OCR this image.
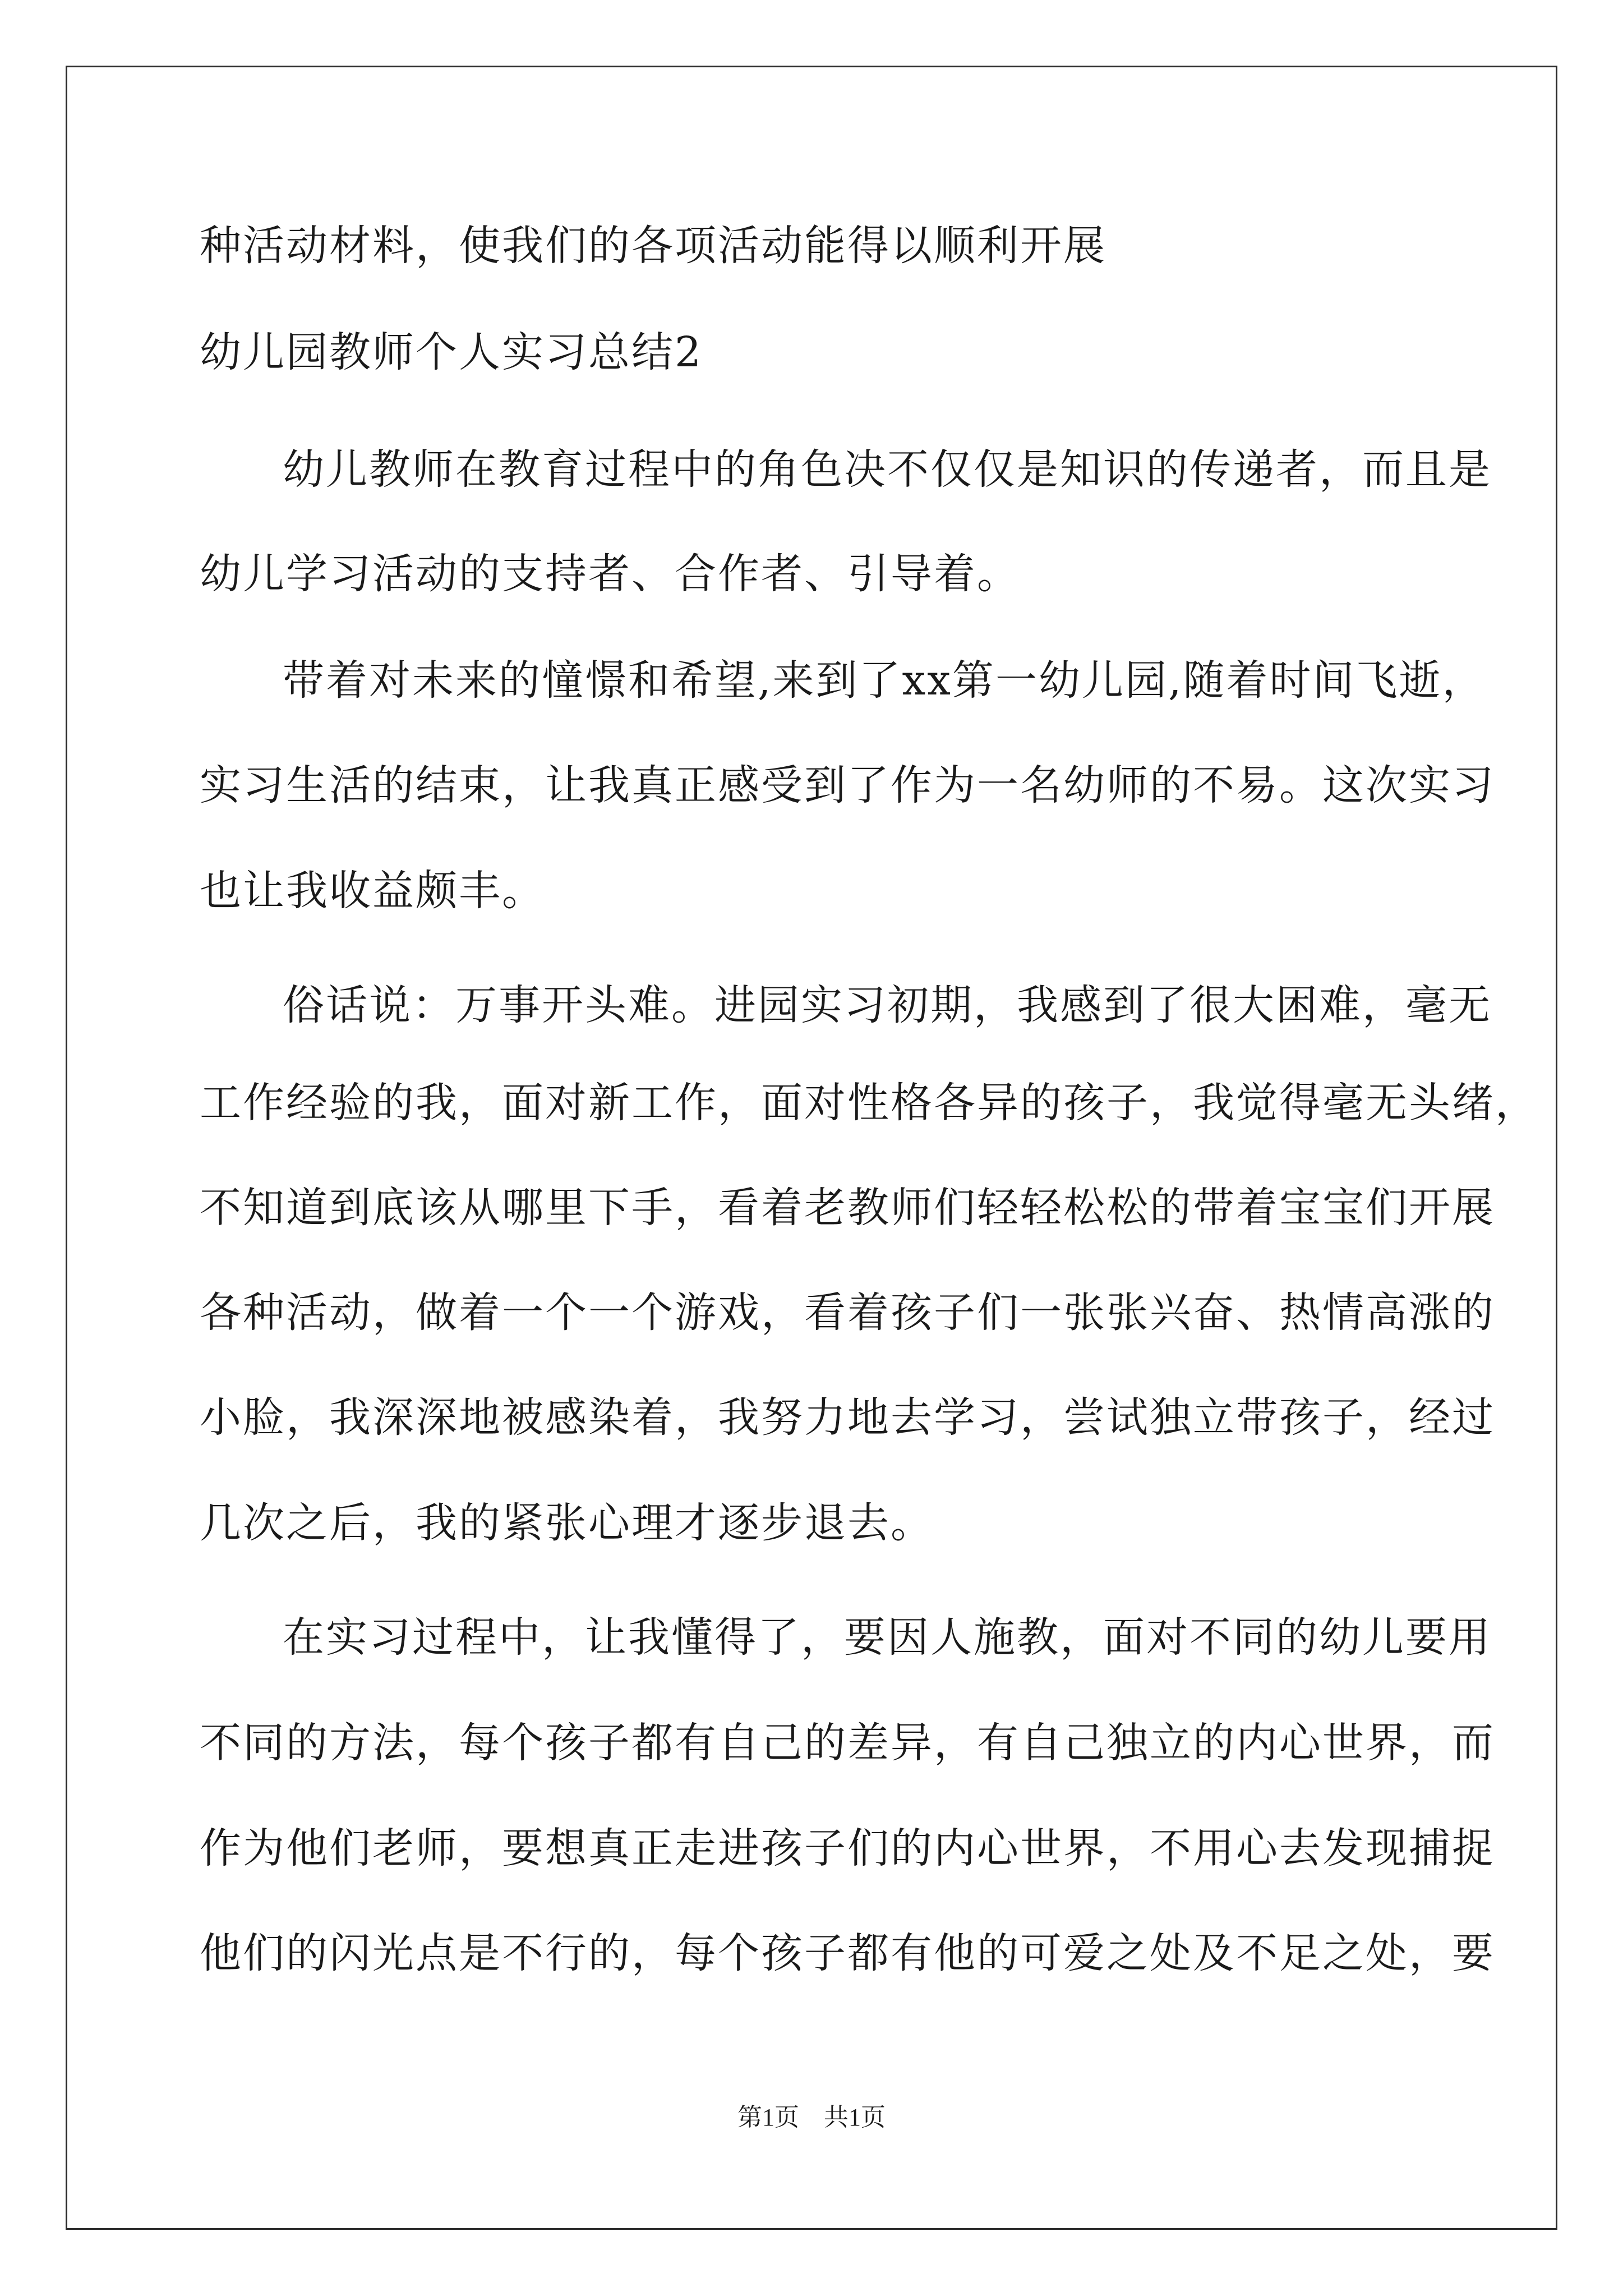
种活动材料，使我们的各项活动能得以顺利开展
幼儿园教师个人实习总结2
幼儿教师在教育过程中的角色决不仅仅是知识的传递者，而且是
幼儿学习活动的支持者、合作者、引导着。
带着对未来的憧憬和希望,来到了xx第一幼儿园,随着时间飞逝，
实习生活的结束，让我真正感受到了作为一名幼师的不易。这次实习
也让我收益颇丰。
俗话说：万事开头难。进园实习初期，我感到了很大困难，毫无
工作经验的我，面对新工作，面对性格各异的孩子，我觉得毫无头绪，
不知道到底该从哪里下手，看着老教师们轻轻松松的带着宝宝们开展
各种活动，做着一个一个游戏，看着孩子们一张张兴奋、热情高涨的
小脸，我深深地被感染着，我努力地去学习，尝试独立带孩子，经过
几次之后，我的紧张心理才逐步退去。
在实习过程中，让我懂得了，要因人施教，面对不同的幼儿要用
不同的方法，每个孩子都有自己的差异，有自己独立的内心世界，而
作为他们老师，要想真正走进孩子们的内心世界，不用心去发现捕捉
他们的闪光点是不行的，每个孩子都有他的可爱之处及不足之处，要
第1页　共1页
